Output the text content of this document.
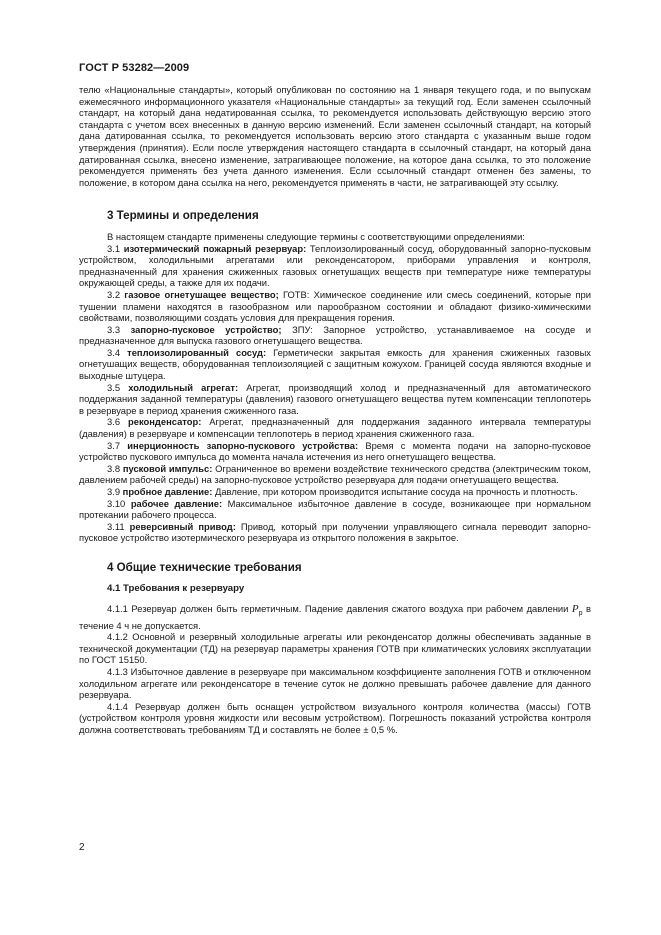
ГОСТ Р 53282—2009

телю «Национальные стандарты», который опубликован по состоянию на 1 января текущего года, и по выпускам ежемесячного информационного указателя «Национальные стандарты» за текущий год. Если заменен ссылочный стандарт, на который дана недатированная ссылка, то рекомендуется использовать действующую версию этого стандарта с учетом всех внесенных в данную версию изменений. Если заменен ссылочный стандарт, на который дана датированная ссылка, то рекомендуется использовать версию этого стандарта с указанным выше годом утверждения (принятия). Если после утверждения настоящего стандарта в ссылочный стандарт, на который дана датированная ссылка, внесено изменение, затрагивающее положение, на которое дана ссылка, то это положение рекомендуется применять без учета данного изменения. Если ссылочный стандарт отменен без замены, то положение, в котором дана ссылка на него, рекомендуется применять в части, не затрагивающей эту ссылку.

3 Термины и определения

В настоящем стандарте применены следующие термины с соответствующими определениями:

3.1 изотермический пожарный резервуар: Теплоизолированный сосуд, оборудованный запорно-пусковым устройством, холодильными агрегатами или реконденсатором, приборами управления и контроля, предназначенный для хранения сжиженных газовых огнетушащих веществ при температуре ниже температуры окружающей среды, а также для их подачи.

3.2 газовое огнетушащее вещество; ГОТВ: Химическое соединение или смесь соединений, которые при тушении пламени находятся в газообразном или парообразном состоянии и обладают физико-химическими свойствами, позволяющими создать условия для прекращения горения.

3.3 запорно-пусковое устройство; ЗПУ: Запорное устройство, устанавливаемое на сосуде и предназначенное для выпуска газового огнетушащего вещества.

3.4 теплоизолированный сосуд: Герметически закрытая емкость для хранения сжиженных газовых огнетушащих веществ, оборудованная теплоизоляцией с защитным кожухом. Границей сосуда являются входные и выходные штуцера.

3.5 холодильный агрегат: Агрегат, производящий холод и предназначенный для автоматического поддержания заданной температуры (давления) газового огнетушащего вещества путем компенсации теплопотерь в резервуаре в период хранения сжиженного газа.

3.6 реконденсатор: Агрегат, предназначенный для поддержания заданного интервала температуры (давления) в резервуаре и компенсации теплопотерь в период хранения сжиженного газа.

3.7 инерционность запорно-пускового устройства: Время с момента подачи на запорно-пусковое устройство пускового импульса до момента начала истечения из него огнетушащего вещества.

3.8 пусковой импульс: Ограниченное во времени воздействие технического средства (электрическим током, давлением рабочей среды) на запорно-пусковое устройство резервуара для подачи огнетушащего вещества.

3.9 пробное давление: Давление, при котором производится испытание сосуда на прочность и плотность.

3.10 рабочее давление: Максимальное избыточное давление в сосуде, возникающее при нормальном протекании рабочего процесса.

3.11 реверсивный привод: Привод, который при получении управляющего сигнала переводит запорно-пусковое устройство изотермического резервуара из открытого положения в закрытое.

4 Общие технические требования
4.1 Требования к резервуару

4.1.1 Резервуар должен быть герметичным. Падение давления сжатого воздуха при рабочем давлении $P_р$ в течение 4 ч не допускается.

4.1.2 Основной и резервный холодильные агрегаты или реконденсатор должны обеспечивать заданные в технической документации (ТД) на резервуар параметры хранения ГОТВ при климатических условиях эксплуатации по ГОСТ 15150.

4.1.3 Избыточное давление в резервуаре при максимальном коэффициенте заполнения ГОТВ и отключенном холодильном агрегате или реконденсаторе в течение суток не должно превышать рабочее давление для данного резервуара.

4.1.4 Резервуар должен быть оснащен устройством визуального контроля количества (массы) ГОТВ (устройством контроля уровня жидкости или весовым устройством). Погрешность показаний устройства контроля должна соответствовать требованиям ТД и составлять не более ± 0,5 %.

2
